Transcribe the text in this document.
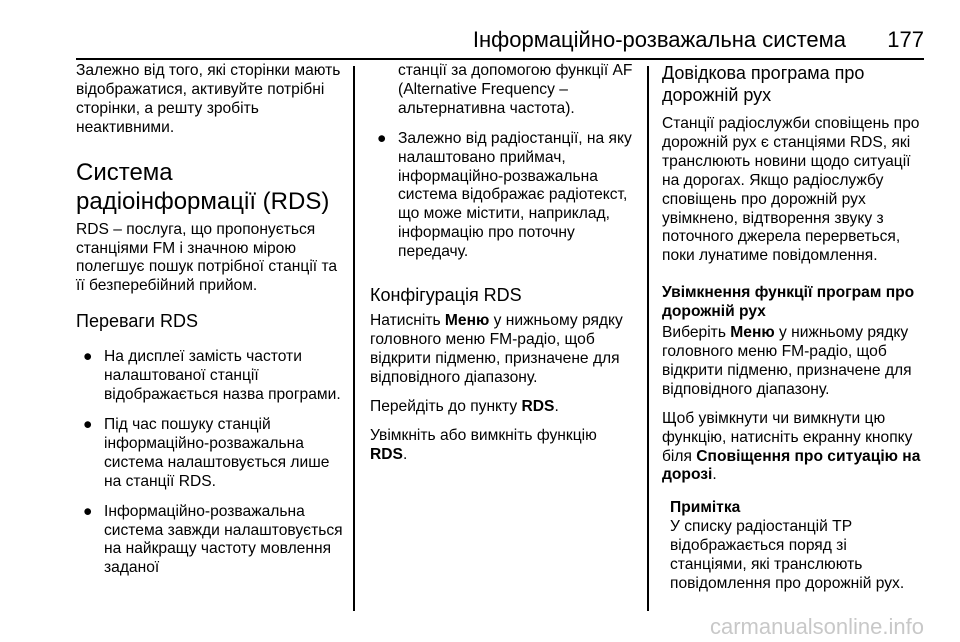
Інформаційно-розважальна система 177

Залежно від того, які сторінки мають відображатися, активуйте потрібні сторінки, а решту зробіть неактивними.

Система радіоінформації (RDS)

RDS – послуга, що пропонується станціями FM і значною мірою полегшує пошук потрібної станції та її безперебійний прийом.

Переваги RDS

● На дисплеї замість частоти налаштованої станції відображається назва програми.
● Під час пошуку станцій інформаційно-розважальна система налаштовується лише на станції RDS.
● Інформаційно-розважальна система завжди налаштовується на найкращу частоту мовлення заданої
станції за допомогою функції AF (Alternative Frequency – альтернативна частота).
● Залежно від радіостанції, на яку налаштовано приймач, інформаційно-розважальна система відображає радіотекст, що може містити, наприклад, інформацію про поточну передачу.

Конфігурація RDS

Натисніть Меню у нижньому рядку головного меню FM-радіо, щоб відкрити підменю, призначене для відповідного діапазону.

Перейдіть до пункту RDS.

Увімкніть або вимкніть функцію RDS.

Довідкова програма про дорожній рух

Станції радіослужби сповіщень про дорожній рух є станціями RDS, які транслюють новини щодо ситуації на дорогах. Якщо радіослужбу сповіщень про дорожній рух увімкнено, відтворення звуку з поточного джерела перерветься, поки лунатиме повідомлення.

Увімкнення функції програм про дорожній рух

Виберіть Меню у нижньому рядку головного меню FM-радіо, щоб відкрити підменю, призначене для відповідного діапазону.

Щоб увімкнути чи вимкнути цю функцію, натисніть екранну кнопку біля Сповіщення про ситуацію на дорозі.

Примітка

У списку радіостанцій TP відображається поряд зі станціями, які транслюють повідомлення про дорожній рух.

carmanualsonline.info
